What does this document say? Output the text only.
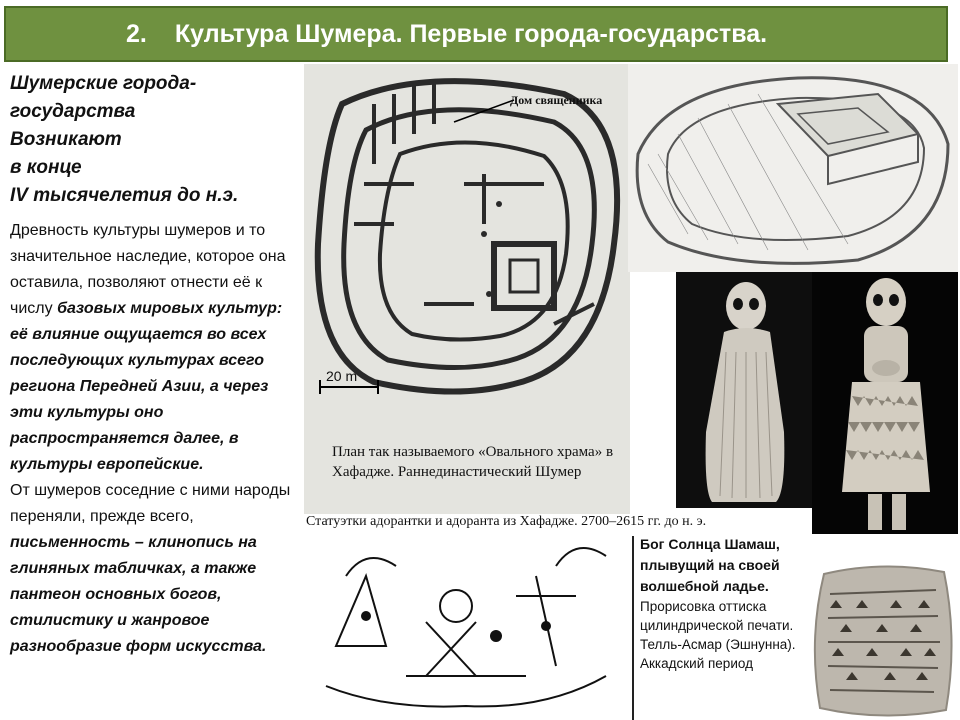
2. Культура Шумера. Первые города-государства.
Шумерские города-
государства
Возникают
в конце
IV тысячелетия до н.э.
Древность культуры шумеров и то значительное наследие, которое она оставила, позволяют отнести её к числу базовых мировых культур: её влияние ощущается во всех последующих культурах всего региона Передней Азии, а через эти культуры оно распространяется далее, в культуры европейские.
От шумеров соседние с ними народы переняли, прежде всего, письменность – клинопись на глиняных табличках, а также пантеон основных богов, стилистику и жанровое разнообразие форм искусства.
Дом священника
20 m
План так называемого «Овального храма» в Хафадже. Раннединастический Шумер
Статуэтки адорантки и адоранта из Хафадже. 2700–2615 гг. до н. э.
Бог Солнца Шамаш, плывущий на своей волшебной ладье.
Прорисовка оттиска цилиндрической печати.
Телль-Асмар (Эшнунна).
Аккадский период
